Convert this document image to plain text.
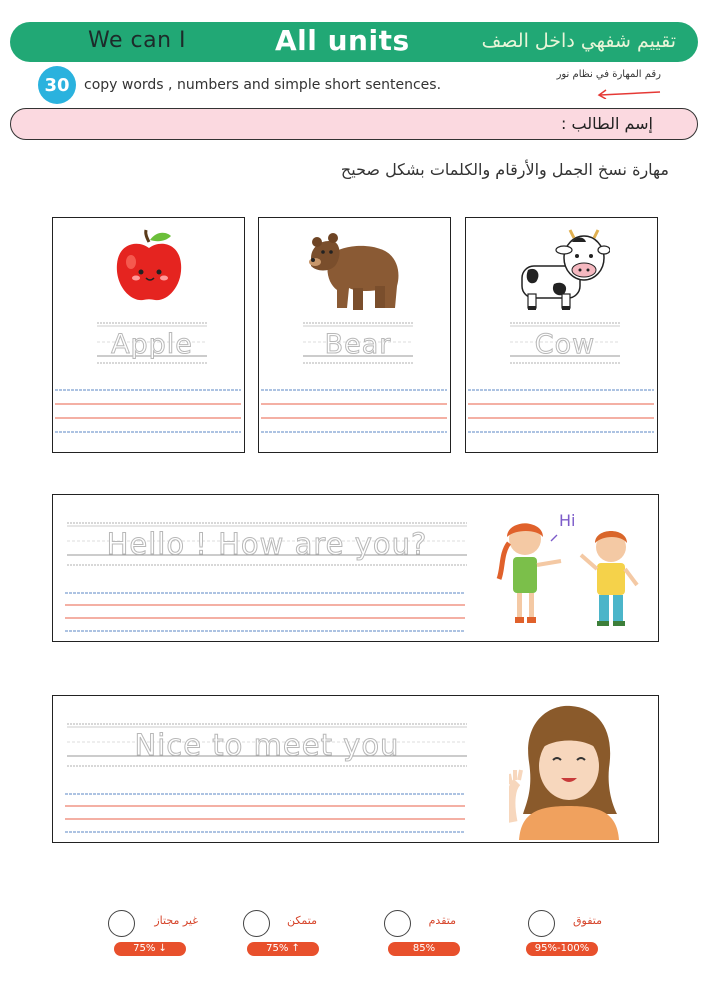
We can I	All units	تقييم شفهي داخل الصف
30	copy words , numbers and simple short sentences.
رقم المهارة في نظام نور
إسم الطالب :
مهارة نسخ الجمل والأرقام والكلمات بشكل صحيح
Apple	Bear	Cow
Hello ! How are you?
Hi
Nice to meet you
غير مجتاز
75% ↓
متمكن
75% ↑
متقدم
85%
متفوق
95%-100%
